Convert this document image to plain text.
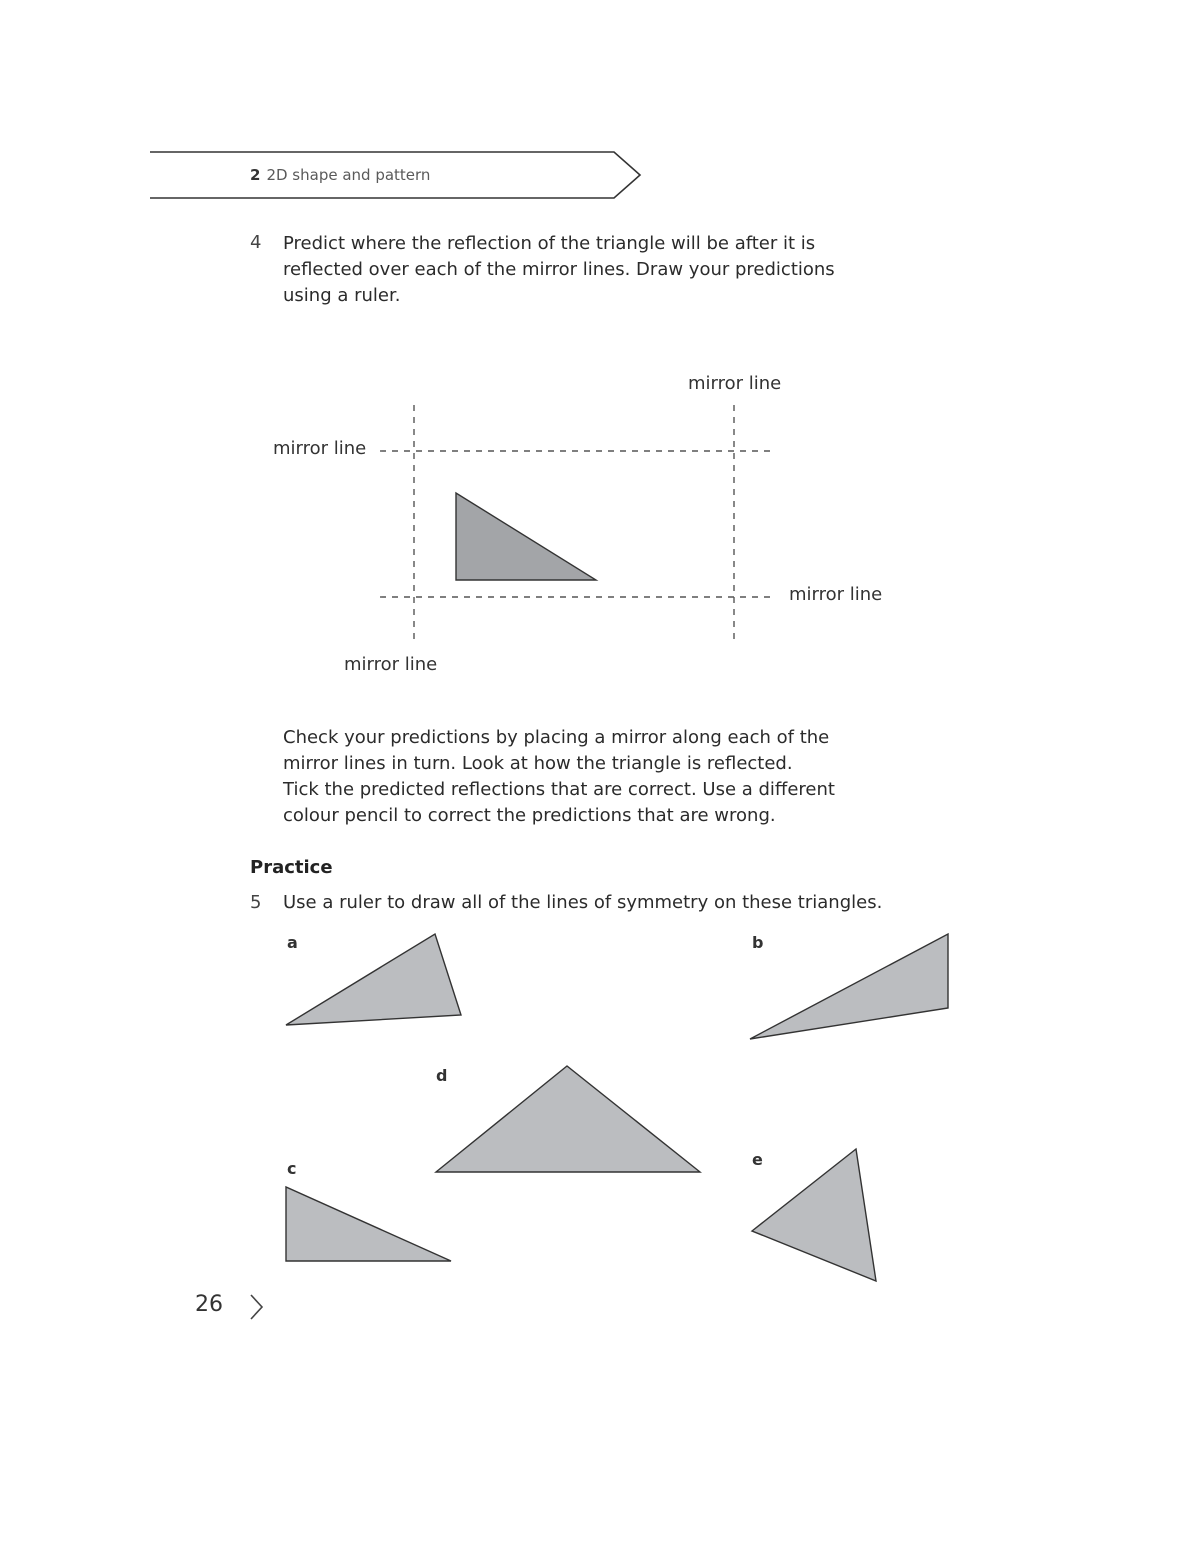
2 2D shape and pattern
4 Predict where the reflection of the triangle will be after it is
reflected over each of the mirror lines. Draw your predictions
using a ruler.
mirror line
mirror line
mirror line
mirror line
Check your predictions by placing a mirror along each of the
mirror lines in turn. Look at how the triangle is reflected.
Tick the predicted reflections that are correct. Use a different
colour pencil to correct the predictions that are wrong.
Practice
5 Use a ruler to draw all of the lines of symmetry on these triangles.
a	b
d
c	e
26
